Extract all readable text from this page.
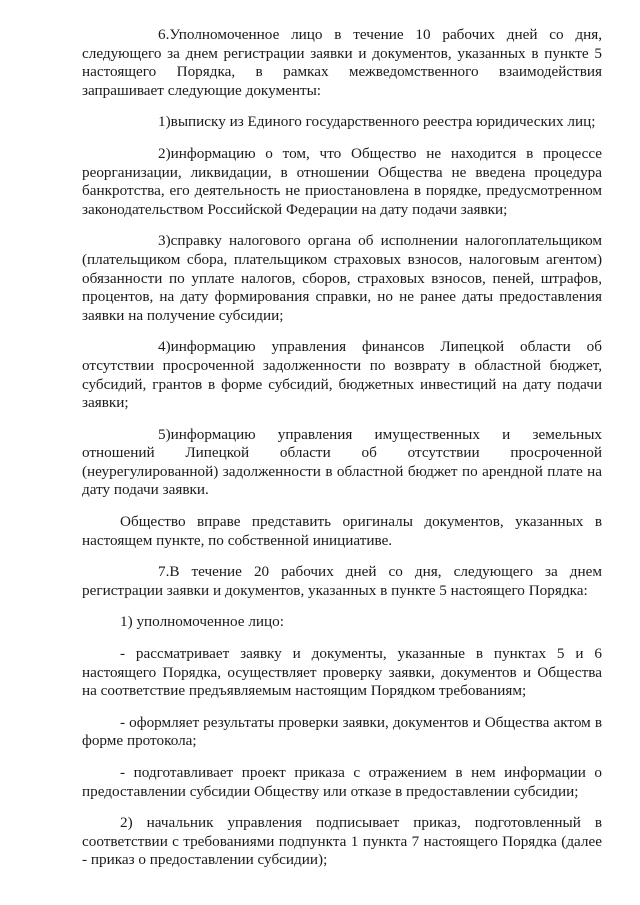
6.Уполномоченное лицо в течение 10 рабочих дней со дня, следующего за днем регистрации заявки и документов, указанных в пункте 5 настоящего Порядка, в рамках межведомственного взаимодействия запрашивает следующие документы:

1)выписку из Единого государственного реестра юридических лиц;

2)информацию о том, что Общество не находится в процессе реорганизации, ликвидации, в отношении Общества не введена процедура банкротства, его деятельность не приостановлена в порядке, предусмотренном законодательством Российской Федерации на дату подачи заявки;

3)справку налогового органа об исполнении налогоплательщиком (плательщиком сбора, плательщиком страховых взносов, налоговым агентом) обязанности по уплате налогов, сборов, страховых взносов, пеней, штрафов, процентов, на дату формирования справки, но не ранее даты предоставления заявки на получение субсидии;

4)информацию управления финансов Липецкой области об отсутствии просроченной задолженности по возврату в областной бюджет, субсидий, грантов в форме субсидий, бюджетных инвестиций на дату подачи заявки;

5)информацию управления имущественных и земельных отношений Липецкой области об отсутствии просроченной (неурегулированной) задолженности в областной бюджет по арендной плате на дату подачи заявки.

Общество вправе представить оригиналы документов, указанных в настоящем пункте, по собственной инициативе.

7.В течение 20 рабочих дней со дня, следующего за днем регистрации заявки и документов, указанных в пункте 5 настоящего Порядка:

1) уполномоченное лицо:

- рассматривает заявку и документы, указанные в пунктах 5 и 6 настоящего Порядка, осуществляет проверку заявки, документов и Общества на соответствие предъявляемым настоящим Порядком требованиям;

- оформляет результаты проверки заявки, документов и Общества актом в форме протокола;

- подготавливает проект приказа с отражением в нем информации о предоставлении субсидии Обществу или отказе в предоставлении субсидии;

2) начальник управления подписывает приказ, подготовленный в соответствии с требованиями подпункта 1 пункта 7 настоящего Порядка (далее - приказ о предоставлении субсидии);
